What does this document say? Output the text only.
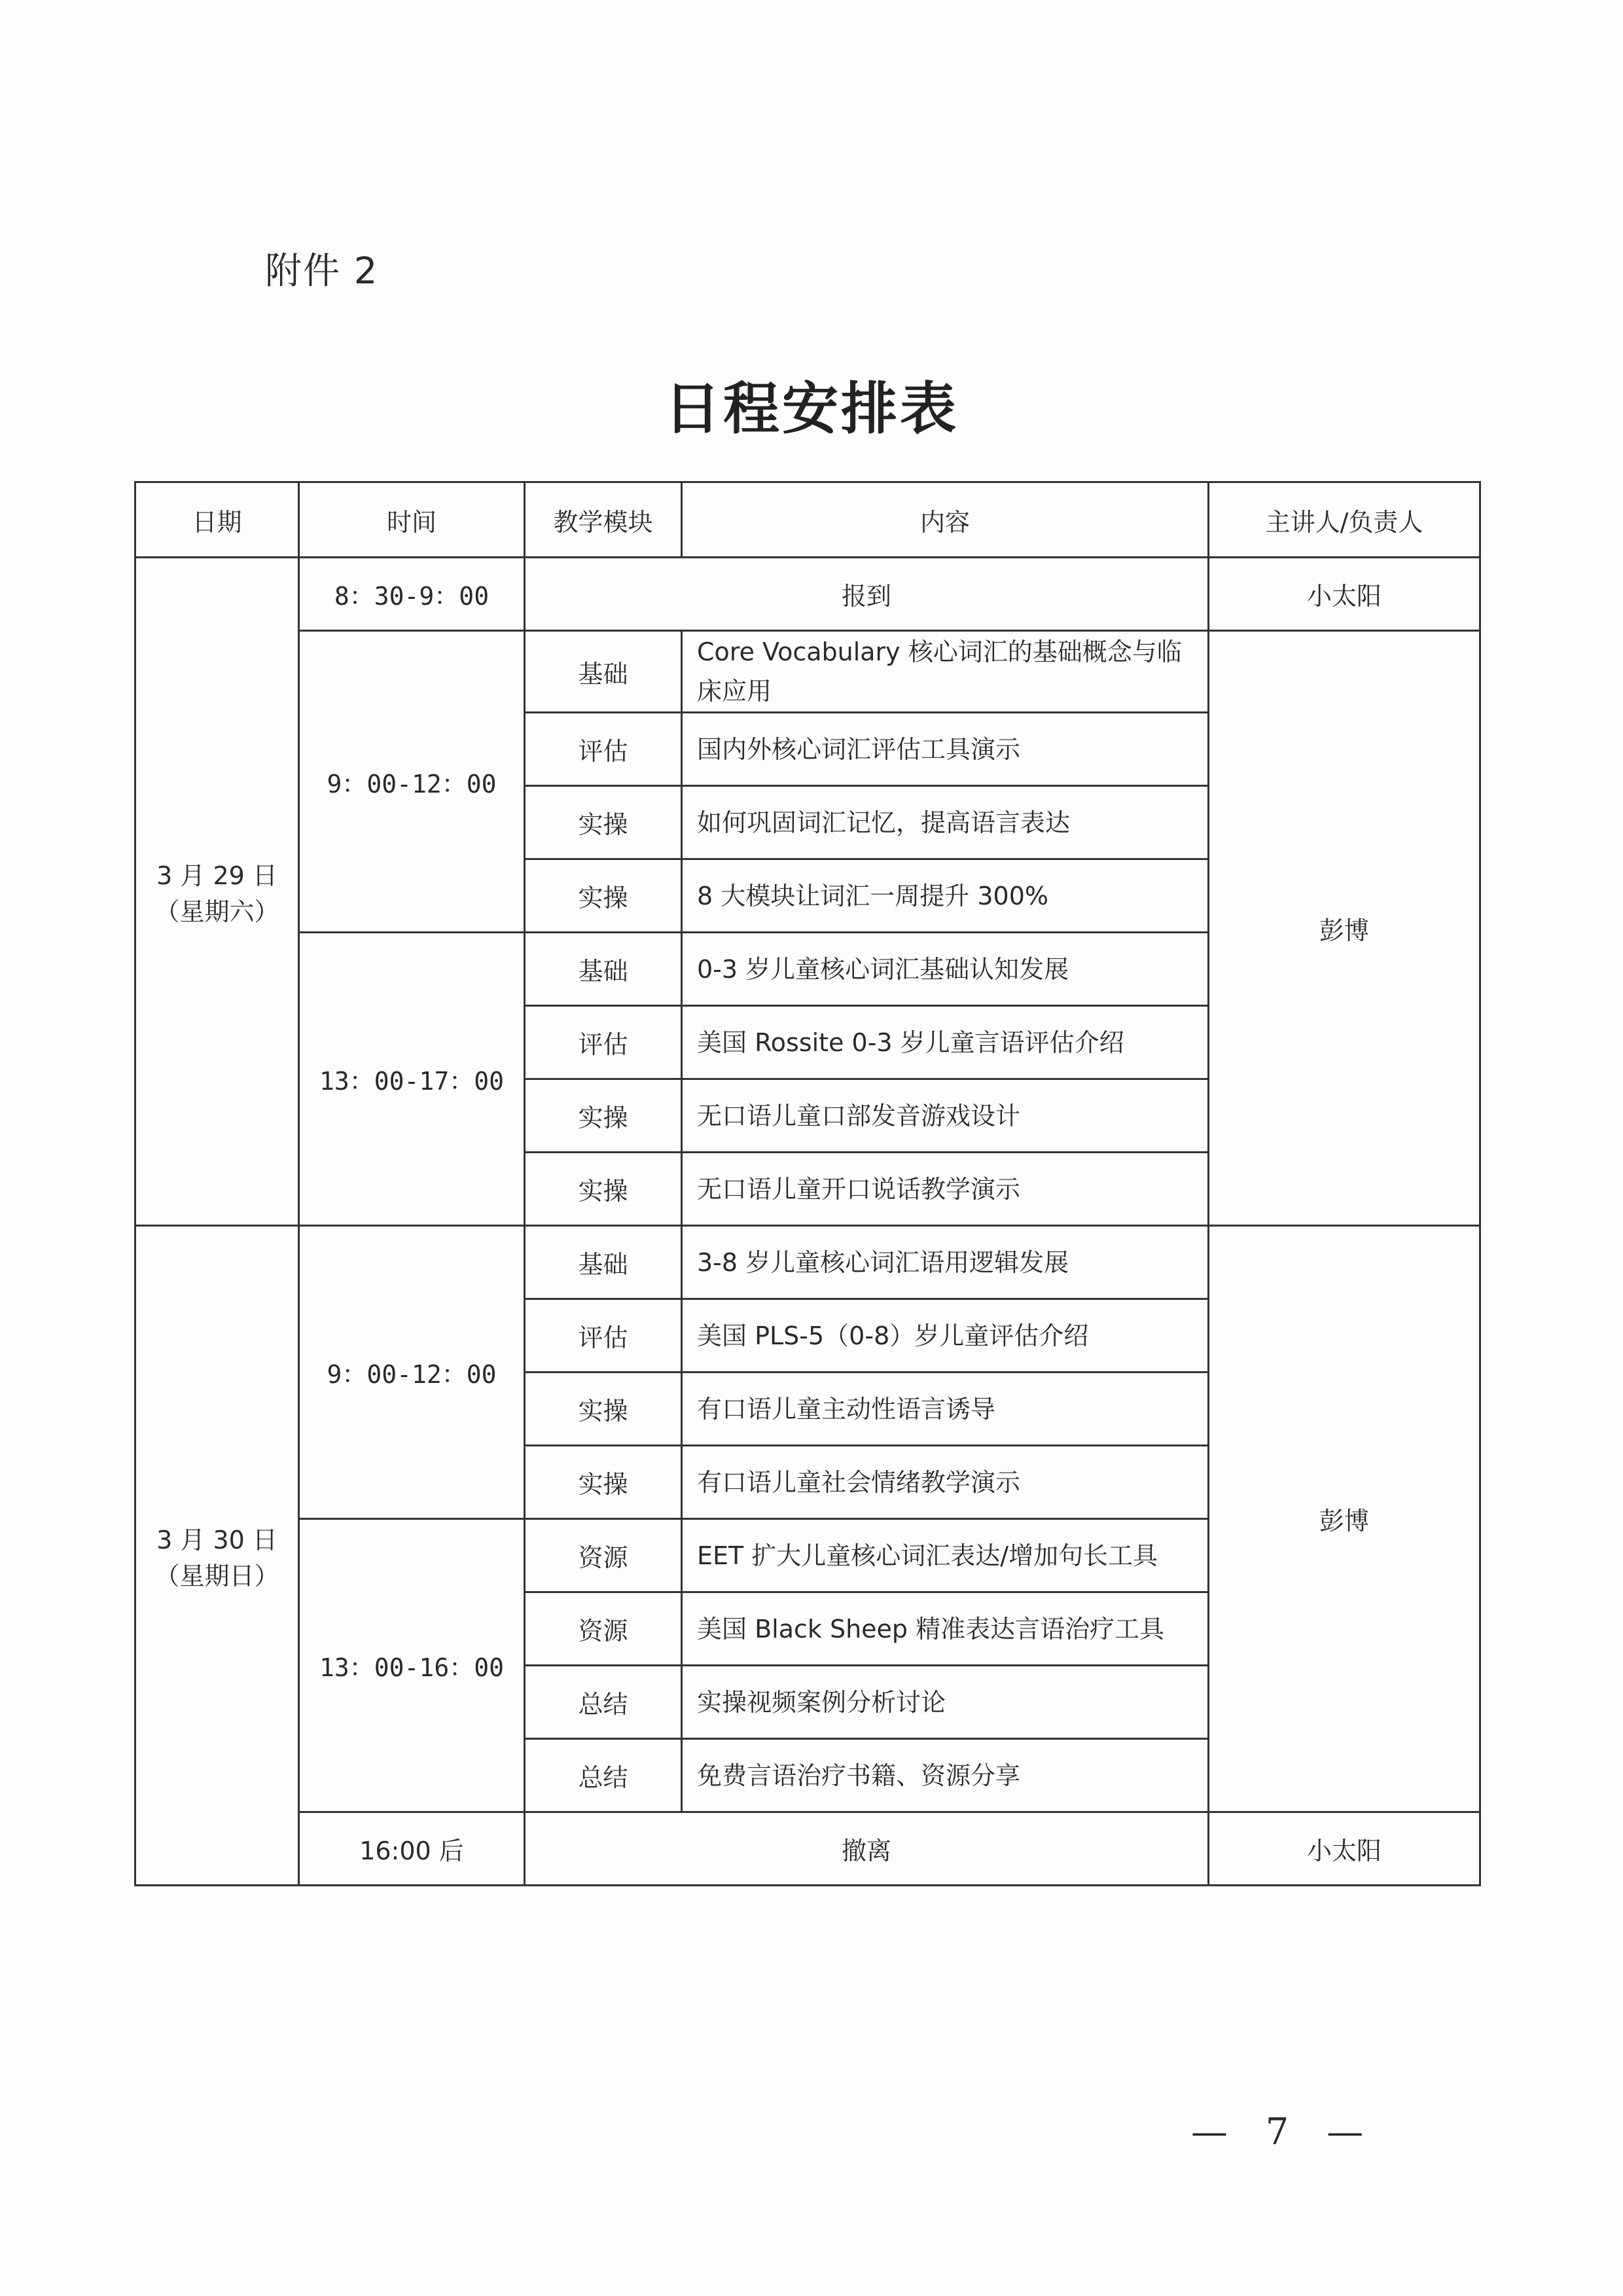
附件 2
日程安排表
日期	时间	教学模块	内容	主讲人/负责人

3 月 29 日
（星期六）	8：30-9：00	报到		小太阳
	9：00-12：00	基础	Core Vocabulary 核心词汇的基础概念与临床应用	彭博
		评估	国内外核心词汇评估工具演示	
		实操	如何巩固词汇记忆，提高语言表达	
		实操	8 大模块让词汇一周提升 300%	
	13：00-17：00	基础	0-3 岁儿童核心词汇基础认知发展	
		评估	美国 Rossite 0-3 岁儿童言语评估介绍	
		实操	无口语儿童口部发音游戏设计	
		实操	无口语儿童开口说话教学演示	

3 月 30 日
（星期日）	9：00-12：00	基础	3-8 岁儿童核心词汇语用逻辑发展	彭博
		评估	美国 PLS-5（0-8）岁儿童评估介绍	
		实操	有口语儿童主动性语言诱导	
		实操	有口语儿童社会情绪教学演示	
	13：00-16：00	资源	EET 扩大儿童核心词汇表达/增加句长工具	
		资源	美国 Black Sheep 精准表达言语治疗工具	
		总结	实操视频案例分析讨论	
		总结	免费言语治疗书籍、资源分享	
	16:00 后	撤离		小太阳
— 7 —
